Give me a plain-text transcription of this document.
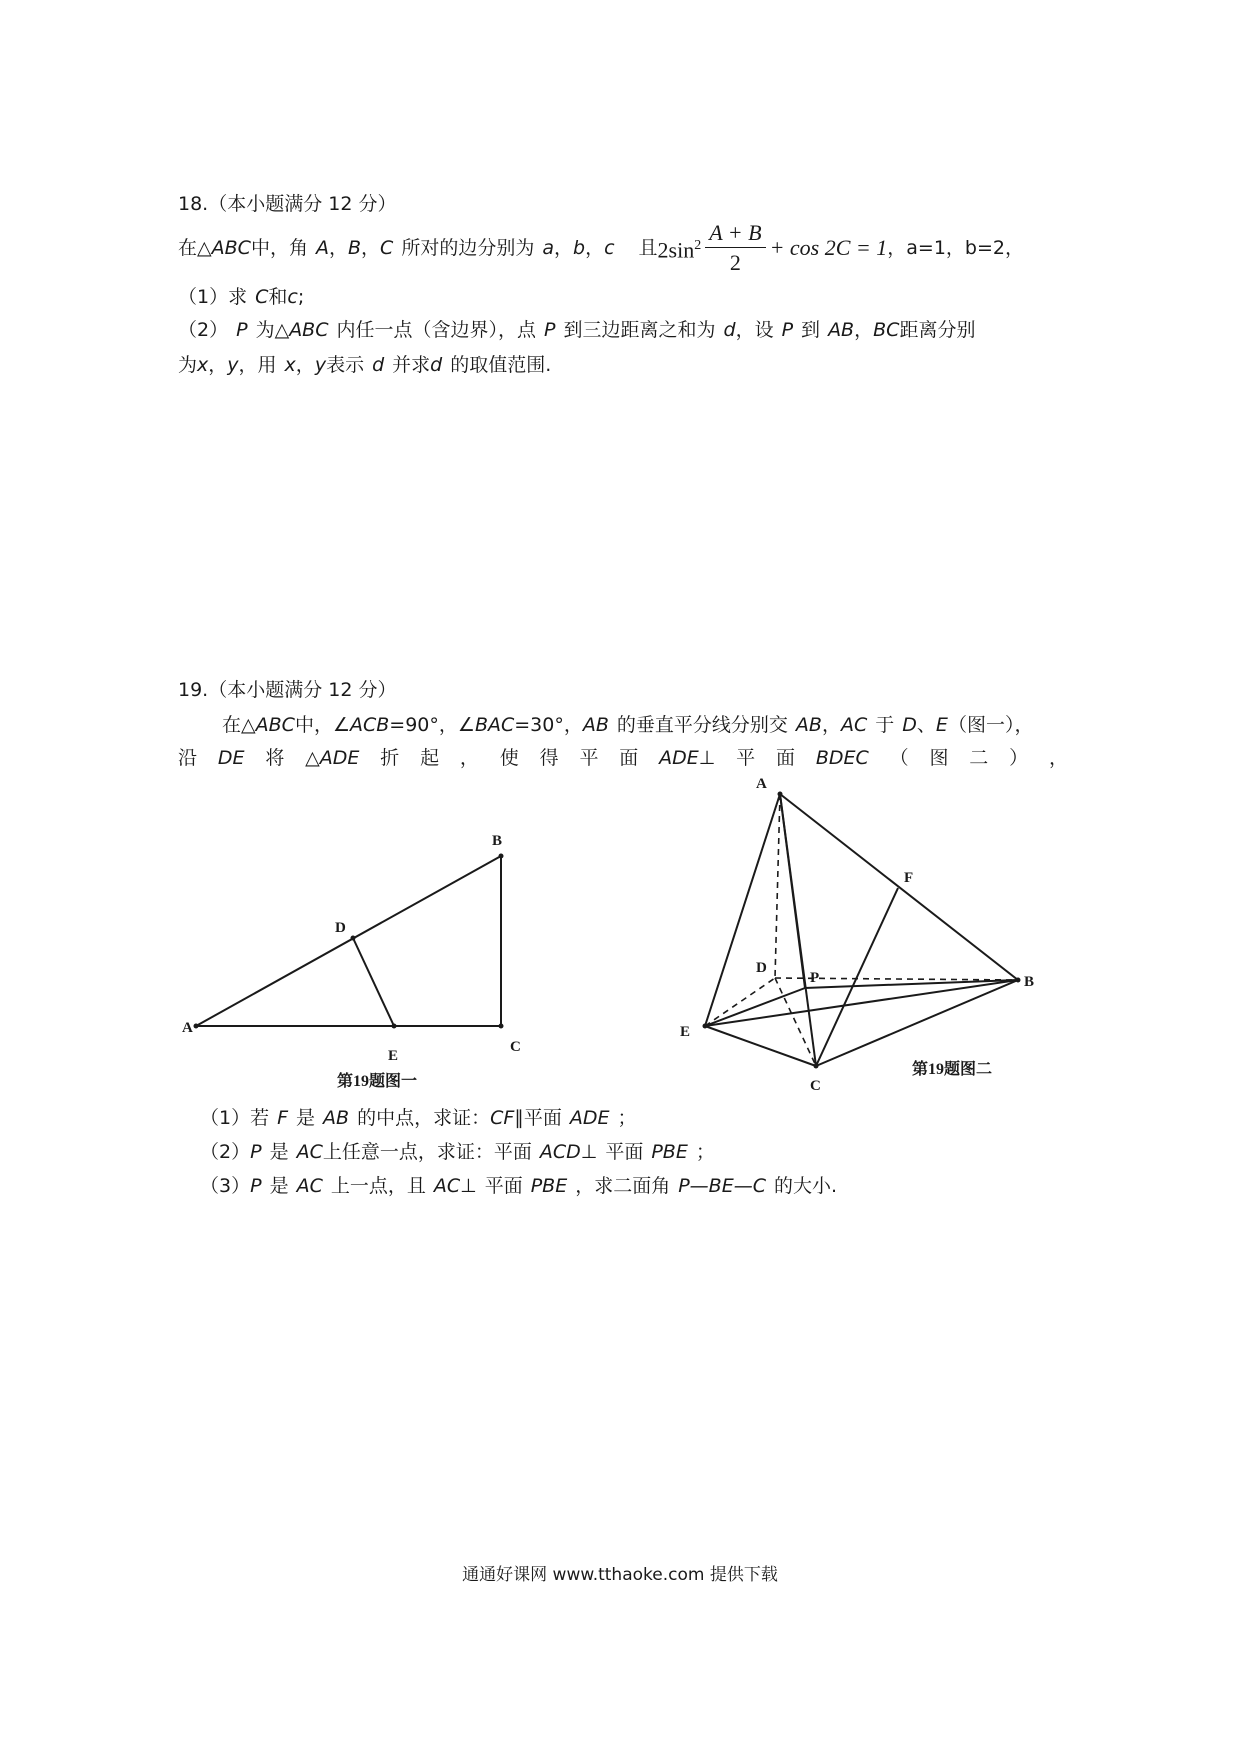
18.（本小题满分 12 分）
在△ ABC 中，角 A ， B ， C 所对的边分别为 a ， b ， c 且 $2\sin^2 \frac{A + B}{2} + \cos 2C = 1$ ，a=1，b=2，
（1）求 C和c;
（2） P 为△ABC 内任一点（含边界），点 P 到三边距离之和为 d，设 P 到 AB，BC距离分别
为x，y，用 x，y表示 d 并求d 的取值范围.
19.（本小题满分 12 分）
在△ABC中，∠ACB=90°，∠BAC=30°，AB 的垂直平分线分别交 AB，AC 于 D、E（图一），
沿 DE 将 △ADE 折 起 ， 使 得 平 面 ADE⊥ 平 面 BDEC （ 图 二 ） ，
A
B
C
D
E
第19题图一
A
B
C
D
E
F
P
第19题图二
（1）若 F 是 AB 的中点，求证：CF∥平面 ADE ；
（2）P 是 AC上任意一点，求证：平面 ACD⊥ 平面 PBE ；
（3）P 是 AC 上一点，且 AC⊥ 平面 PBE ，求二面角 P—BE—C 的大小.
通通好课网 www.tthaoke.com 提供下载
